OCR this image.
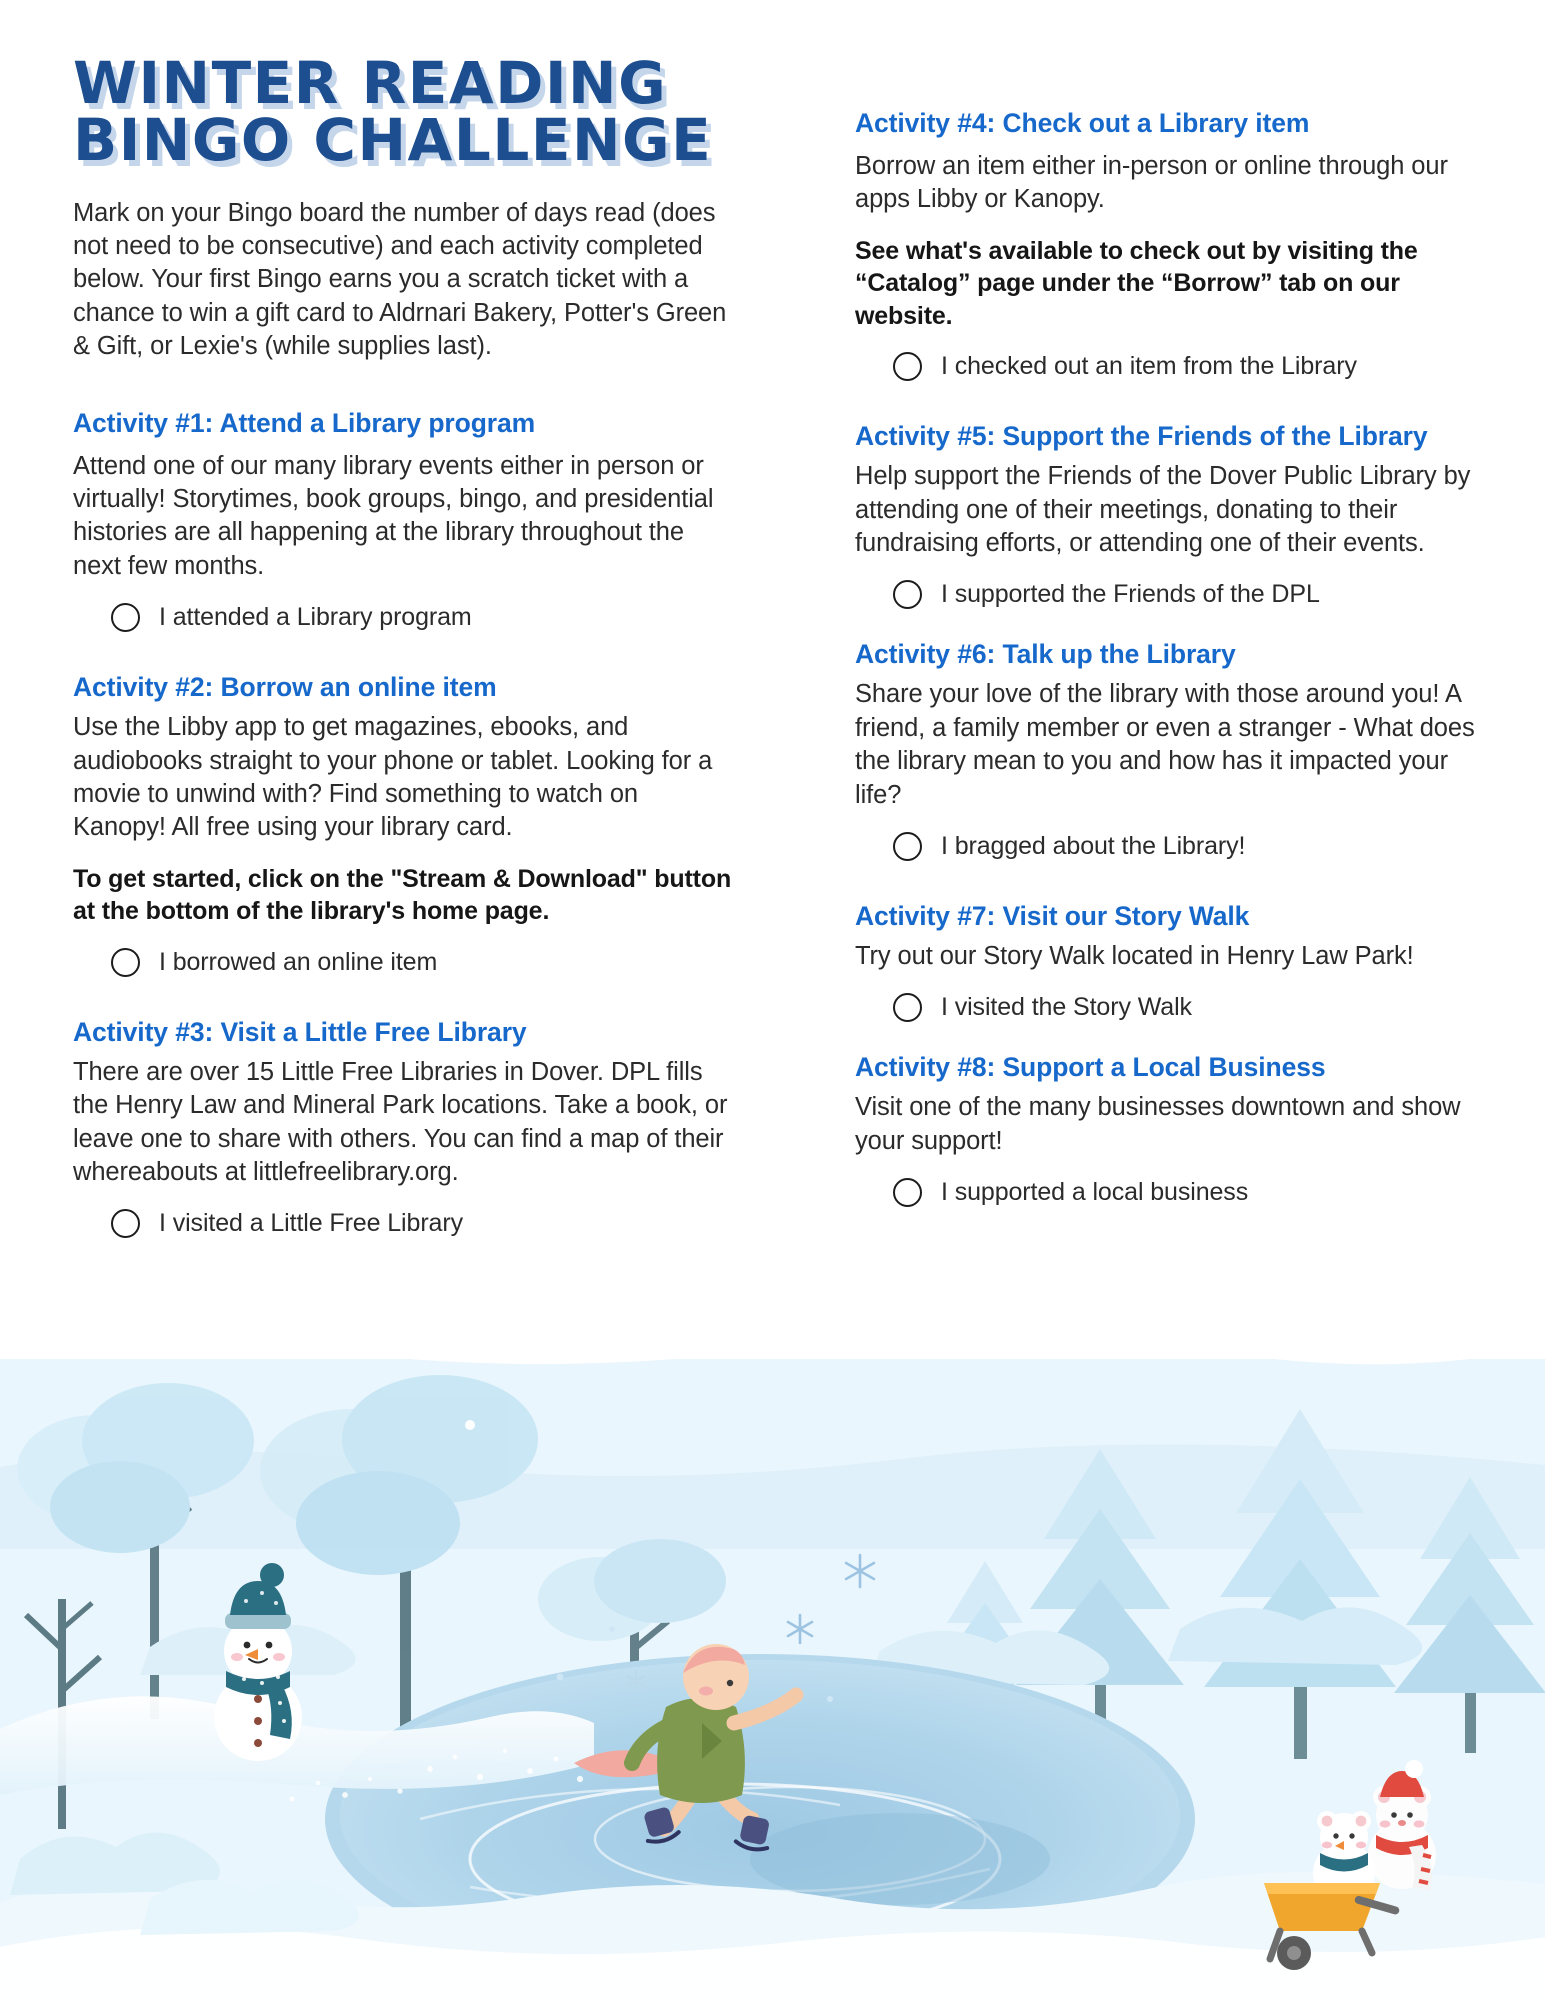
WINTER READING
BINGO CHALLENGE
Mark on your Bingo board the number of days read (does not need to be consecutive) and each activity completed below. Your first Bingo earns you a scratch ticket with a chance to win a gift card to Aldrnari Bakery, Potter's Green & Gift, or Lexie's (while supplies last).
Activity #1: Attend a Library program
Attend one of our many library events either in person or virtually! Storytimes, book groups, bingo, and presidential histories are all happening at the library throughout the next few months.
I attended a Library program
Activity #2: Borrow an online item
Use the Libby app to get magazines, ebooks, and audiobooks straight to your phone or tablet. Looking for a movie to unwind with? Find something to watch on Kanopy! All free using your library card.
To get started, click on the "Stream & Download" button at the bottom of the library's home page.
I borrowed an online item
Activity #3: Visit a Little Free Library
There are over 15 Little Free Libraries in Dover. DPL fills the Henry Law and Mineral Park locations. Take a book, or leave one to share with others. You can find a map of their whereabouts at littlefreelibrary.org.
I visited a Little Free Library
Activity #4: Check out a Library item
Borrow an item either in-person or online through our apps Libby or Kanopy.
See what's available to check out by visiting the “Catalog” page under the “Borrow” tab on our website.
I checked out an item from the Library
Activity #5: Support the Friends of the Library
Help support the Friends of the Dover Public Library by attending one of their meetings, donating to their fundraising efforts, or attending one of their events.
I supported the Friends of the DPL
Activity #6: Talk up the Library
Share your love of the library with those around you! A friend, a family member or even a stranger - What does the library mean to you and how has it impacted your life?
I bragged about the Library!
Activity #7: Visit our Story Walk
Try out our Story Walk located in Henry Law Park!
I visited the Story Walk
Activity #8: Support a Local Business
Visit one of the many businesses downtown and show your support!
I supported a local business
